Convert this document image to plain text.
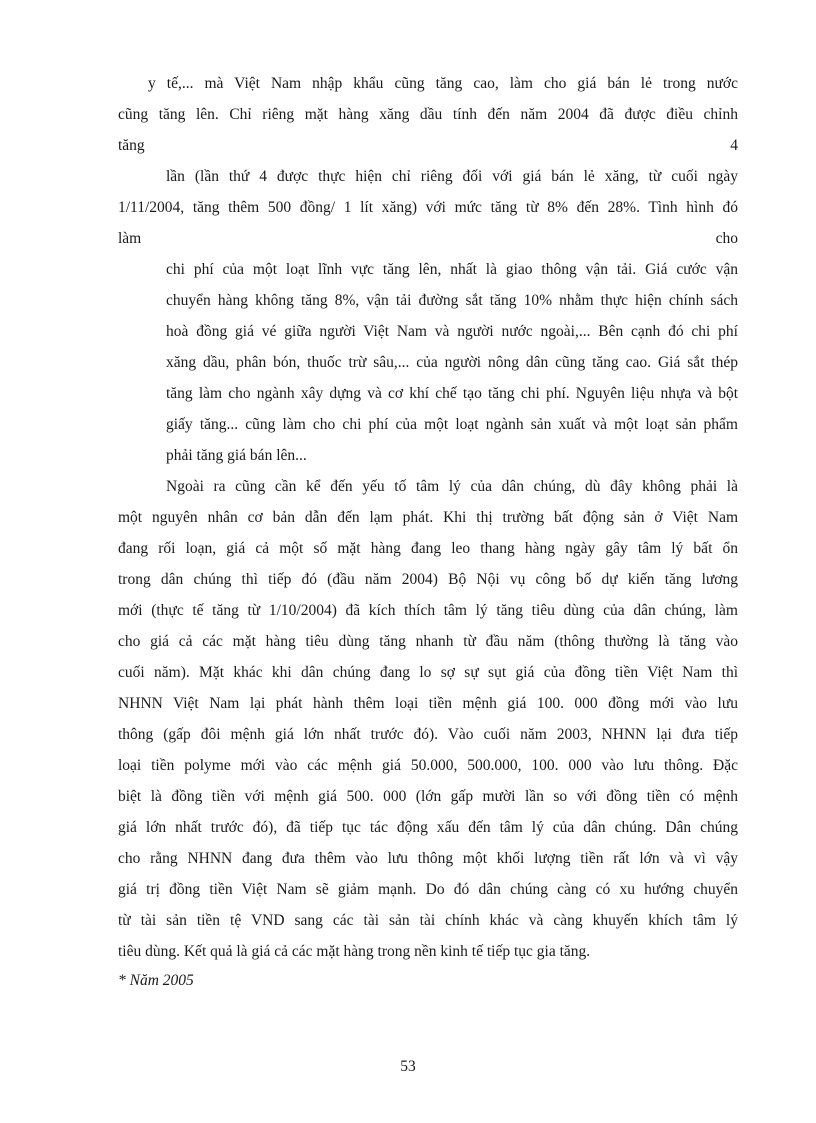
y tế,... mà Việt Nam nhập khẩu cũng tăng cao, làm cho giá bán lẻ trong nước
cũng tăng lên. Chỉ riêng mặt hàng xăng dầu tính đến năm 2004 đã được điều chỉnh
tăng	4
lần (lần thứ 4 được thực hiện chỉ riêng đối với giá bán lẻ xăng, từ cuối ngày
1/11/2004, tăng thêm 500 đồng/ 1 lít xăng) với mức tăng từ 8% đến 28%. Tình hình đó
làm	cho
chi phí của một loạt lĩnh vực tăng lên, nhất là giao thông vận tải. Giá cước vận
chuyển hàng không tăng 8%, vận tải đường sắt tăng 10% nhằm thực hiện chính sách
hoà đồng giá vé giữa người Việt Nam và người nước ngoài,... Bên cạnh đó chi phí
xăng dầu, phân bón, thuốc trừ sâu,... của người nông dân cũng tăng cao. Giá sắt thép
tăng làm cho ngành xây dựng và cơ khí chế tạo tăng chi phí. Nguyên liệu nhựa và bột
giấy tăng... cũng làm cho chi phí của một loạt ngành sản xuất và một loạt sản phẩm
phải tăng giá bán lên...
Ngoài ra cũng cần kể đến yếu tố tâm lý của dân chúng, dù đây không phải là
một nguyên nhân cơ bản dẫn đến lạm phát. Khi thị trường bất động sản ở Việt Nam
đang rối loạn, giá cả một số mặt hàng đang leo thang hàng ngày gây tâm lý bất ổn
trong dân chúng thì tiếp đó (đầu năm 2004) Bộ Nội vụ công bố dự kiến tăng lương
mới (thực tế tăng từ 1/10/2004) đã kích thích tâm lý tăng tiêu dùng của dân chúng, làm
cho giá cả các mặt hàng tiêu dùng tăng nhanh từ đầu năm (thông thường là tăng vào
cuối năm). Mặt khác khi dân chúng đang lo sợ sự sụt giá của đồng tiền Việt Nam thì
NHNN Việt Nam lại phát hành thêm loại tiền mệnh giá 100. 000 đồng mới vào lưu
thông (gấp đôi mệnh giá lớn nhất trước đó). Vào cuối năm 2003, NHNN lại đưa tiếp
loại tiền polyme mới vào các mệnh giá 50.000, 500.000, 100. 000 vào lưu thông. Đặc
biệt là đồng tiền với mệnh giá 500. 000 (lớn gấp mười lần so với đồng tiền có mệnh
giá lớn nhất trước đó), đã tiếp tục tác động xấu đến tâm lý của dân chúng. Dân chúng
cho rằng NHNN đang đưa thêm vào lưu thông một khối lượng tiền rất lớn và vì vậy
giá trị đồng tiền Việt Nam sẽ giảm mạnh. Do đó dân chúng càng có xu hướng chuyển
từ tài sản tiền tệ VND sang các tài sản tài chính khác và càng khuyến khích tâm lý
tiêu dùng. Kết quả là giá cả các mặt hàng trong nền kinh tế tiếp tục gia tăng.
* Năm 2005
53
